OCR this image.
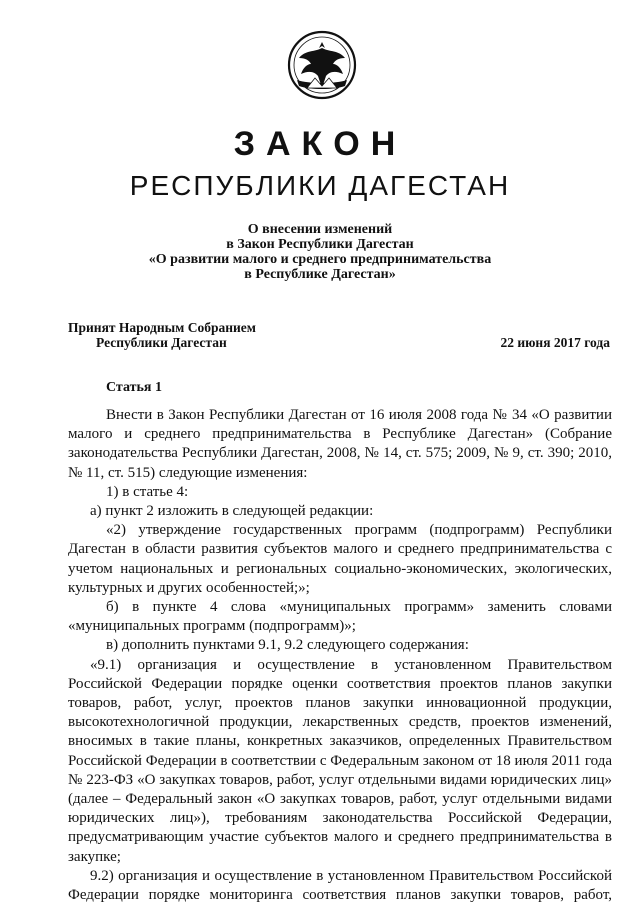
ЗАКОН
РЕСПУБЛИКИ ДАГЕСТАН
О внесении изменений
в Закон Республики Дагестан
«О развитии малого и среднего предпринимательства
в Республике Дагестан»
Принят Народным Собранием
Республики Дагестан	22 июня 2017 года
Статья 1

Внести в Закон Республики Дагестан от 16 июля 2008 года № 34 «О развитии малого и среднего предпринимательства в Республике Дагестан» (Собрание законодательства Республики Дагестан, 2008, № 14, ст. 575; 2009, № 9, ст. 390; 2010, № 11, ст. 515) следующие изменения:

1) в статье 4:

а) пункт 2 изложить в следующей редакции:

«2) утверждение государственных программ (подпрограмм) Республики Дагестан в области развития субъектов малого и среднего предпринимательства с учетом национальных и региональных социально-экономических, экологических, культурных и других особенностей;»;

б) в пункте 4 слова «муниципальных программ» заменить словами «муниципальных программ (подпрограмм)»;

в) дополнить пунктами 9.1, 9.2 следующего содержания:

«9.1) организация и осуществление в установленном Правительством Российской Федерации порядке оценки соответствия проектов планов закупки товаров, работ, услуг, проектов планов закупки инновационной продукции, высокотехнологичной продукции, лекарственных средств, проектов изменений, вносимых в такие планы, конкретных заказчиков, определенных Правительством Российской Федерации в соответствии с Федеральным законом от 18 июля 2011 года № 223-ФЗ «О закупках товаров, работ, услуг отдельными видами юридических лиц» (далее – Федеральный закон «О закупках товаров, работ, услуг отдельными видами юридических лиц»), требованиям законодательства Российской Федерации, предусматривающим участие субъектов малого и среднего предпринимательства в закупке;

9.2) организация и осуществление в установленном Правительством Российской Федерации порядке мониторинга соответствия планов закупки товаров, работ,
